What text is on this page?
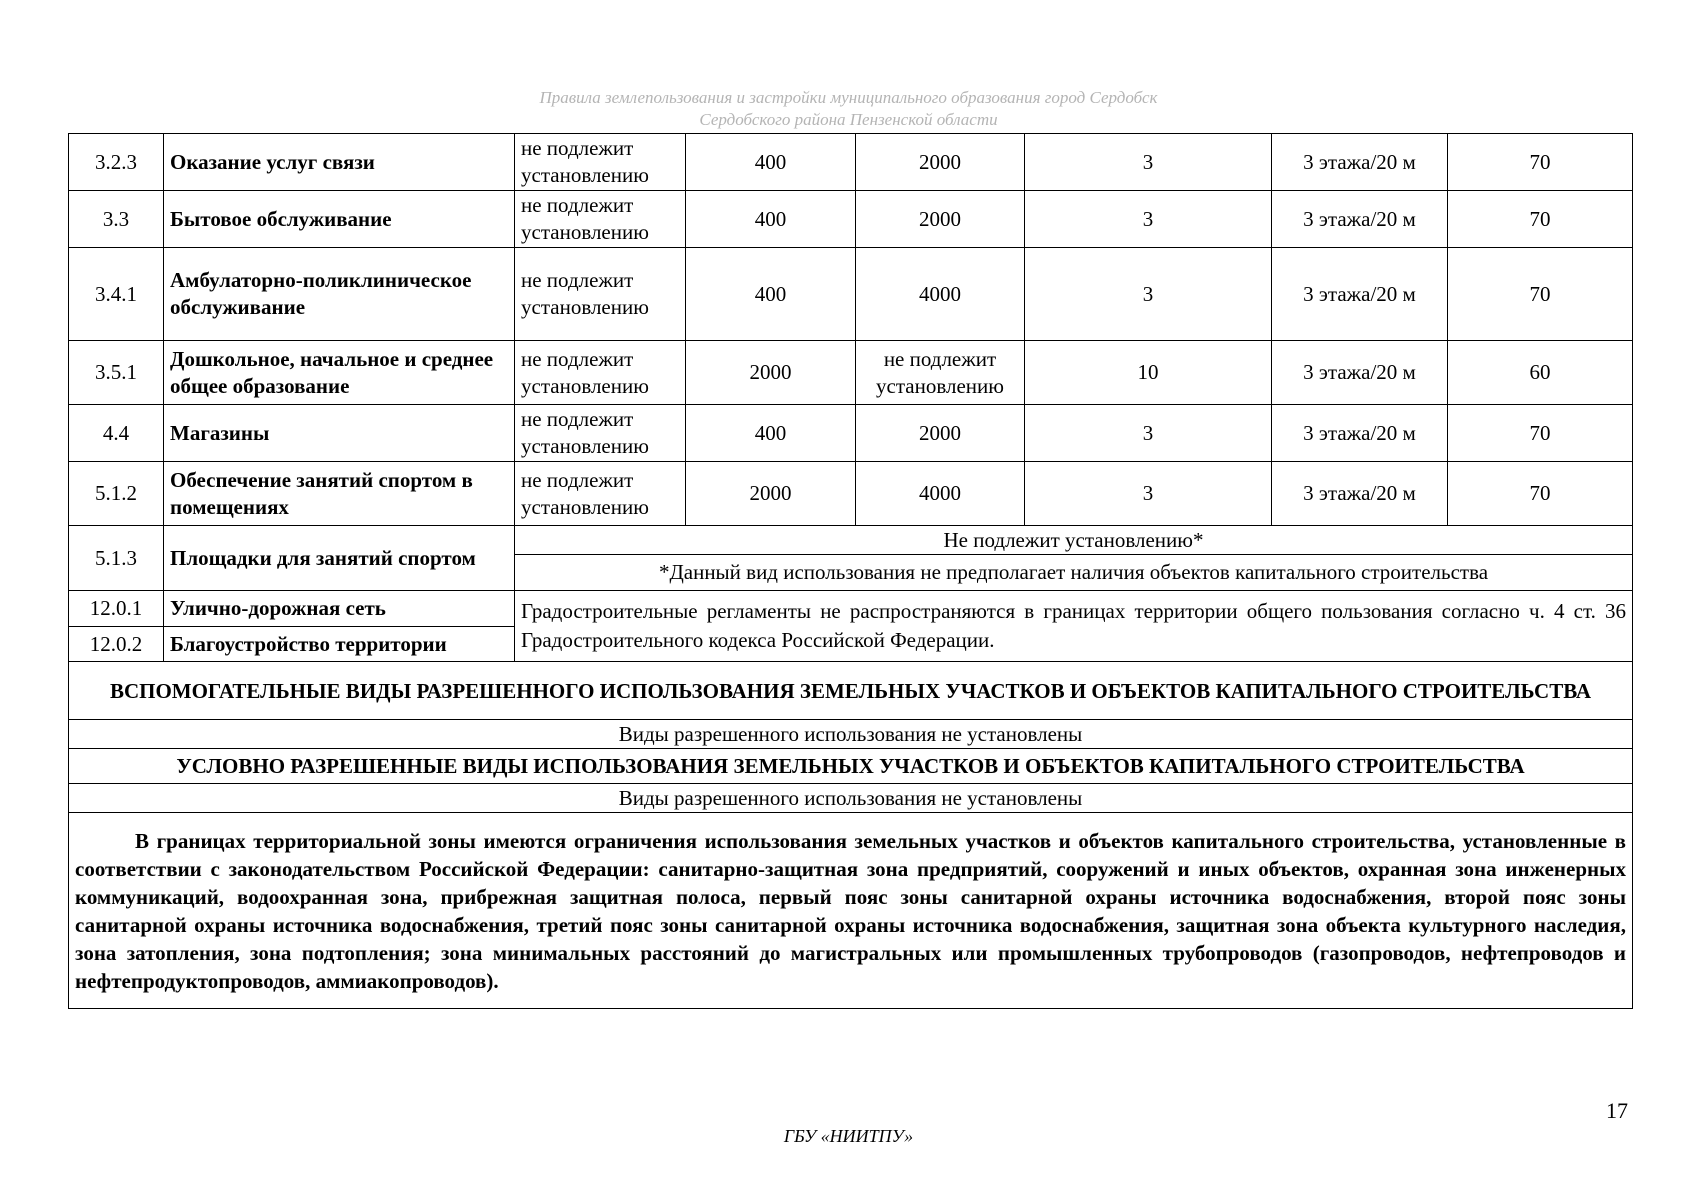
Правила землепользования и застройки муниципального образования город Сердобск
Сердобского района Пензенской области
3.2.3	Оказание услуг связи	не подлежит установлению	400	2000	3	3 этажа/20 м	70
3.3	Бытовое обслуживание	не подлежит установлению	400	2000	3	3 этажа/20 м	70
3.4.1	Амбулаторно-поликлиническое обслуживание	не подлежит установлению	400	4000	3	3 этажа/20 м	70
3.5.1	Дошкольное, начальное и среднее общее образование	не подлежит установлению	2000	не подлежит установлению	10	3 этажа/20 м	60
4.4	Магазины	не подлежит установлению	400	2000	3	3 этажа/20 м	70
5.1.2	Обеспечение занятий спортом в помещениях	не подлежит установлению	2000	4000	3	3 этажа/20 м	70
5.1.3	Площадки для занятий спортом	Не подлежит установлению*					
		*Данный вид использования не предполагает наличия объектов капитального строительства					
12.0.1	Улично-дорожная сеть	Градостроительные регламенты не распространяются в границах территории общего пользования согласно ч. 4 ст. 36 Градостроительного кодекса Российской Федерации.					
12.0.2	Благоустройство территории						
ВСПОМОГАТЕЛЬНЫЕ ВИДЫ РАЗРЕШЕННОГО ИСПОЛЬЗОВАНИЯ ЗЕМЕЛЬНЫХ УЧАСТКОВ И ОБЪЕКТОВ КАПИТАЛЬНОГО СТРОИТЕЛЬСТВА							
Виды разрешенного использования не установлены							
УСЛОВНО РАЗРЕШЕННЫЕ ВИДЫ ИСПОЛЬЗОВАНИЯ ЗЕМЕЛЬНЫХ УЧАСТКОВ И ОБЪЕКТОВ КАПИТАЛЬНОГО СТРОИТЕЛЬСТВА							
Виды разрешенного использования не установлены							
В границах территориальной зоны имеются ограничения использования земельных участков и объектов капитального строительства, установленные в соответствии с законодательством Российской Федерации: санитарно-защитная зона предприятий, сооружений и иных объектов, охранная зона инженерных коммуникаций, водоохранная зона, прибрежная защитная полоса, первый пояс зоны санитарной охраны источника водоснабжения, второй пояс зоны санитарной охраны источника водоснабжения, третий пояс зоны санитарной охраны источника водоснабжения, защитная зона объекта культурного наследия, зона затопления, зона подтопления; зона минимальных расстояний до магистральных или промышленных трубопроводов (газопроводов, нефтепроводов и нефтепродуктопроводов, аммиакопроводов).							
17
ГБУ «НИИТПУ»
